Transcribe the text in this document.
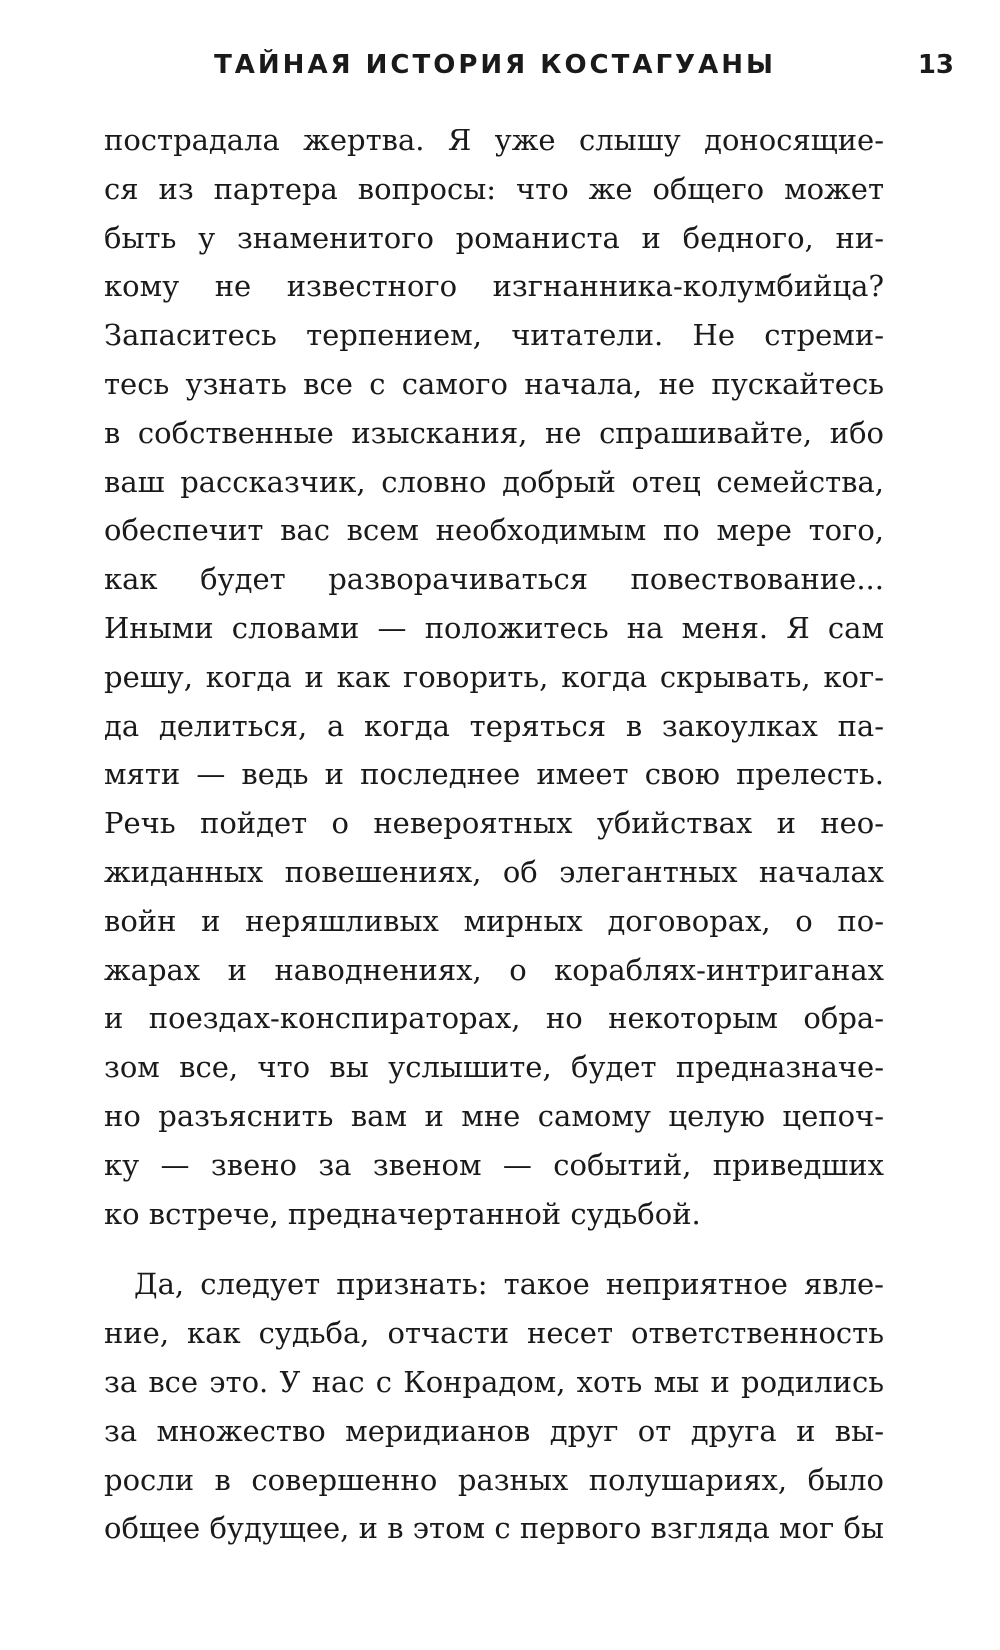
ТАЙНАЯ ИСТОРИЯ КОСТАГУАНЫ	13
пострадала жертва. Я уже слышу доносящие-
ся из партера вопросы: что же общего может
быть у знаменитого романиста и бедного, ни-
кому не известного изгнанника-колумбийца?
Запаситесь терпением, читатели. Не стреми-
тесь узнать все с самого начала, не пускайтесь
в собственные изыскания, не спрашивайте, ибо
ваш рассказчик, словно добрый отец семейства,
обеспечит вас всем необходимым по мере того,
как будет разворачиваться повествование...
Иными словами — положитесь на меня. Я сам
решу, когда и как говорить, когда скрывать, ког-
да делиться, а когда теряться в закоулках па-
мяти — ведь и последнее имеет свою прелесть.
Речь пойдет о невероятных убийствах и нео-
жиданных повешениях, об элегантных началах
войн и неряшливых мирных договорах, о по-
жарах и наводнениях, о кораблях-интриганах
и поездах-конспираторах, но некоторым обра-
зом все, что вы услышите, будет предназначе-
но разъяснить вам и мне самому целую цепоч-
ку — звено за звеном — событий, приведших
ко встрече, предначертанной судьбой.
Да, следует признать: такое неприятное явле-
ние, как судьба, отчасти несет ответственность
за все это. У нас с Конрадом, хоть мы и родились
за множество меридианов друг от друга и вы-
росли в совершенно разных полушариях, было
общее будущее, и в этом с первого взгляда мог бы
